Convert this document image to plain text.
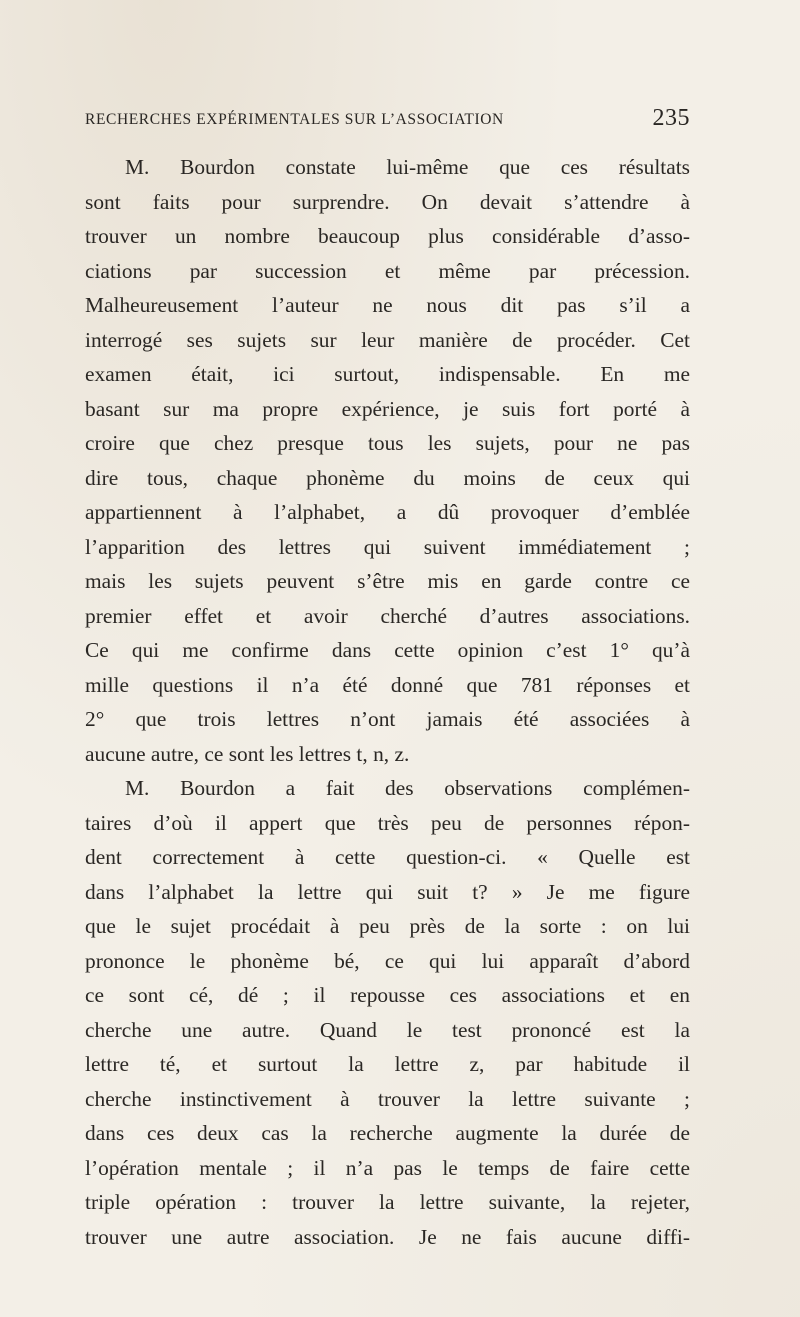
RECHERCHES EXPÉRIMENTALES SUR L’ASSOCIATION	235
M. Bourdon constate lui-même que ces résultats
sont faits pour surprendre. On devait s’attendre à
trouver un nombre beaucoup plus considérable d’asso-
ciations par succession et même par précession.
Malheureusement l’auteur ne nous dit pas s’il a
interrogé ses sujets sur leur manière de procéder. Cet
examen était, ici surtout, indispensable. En me
basant sur ma propre expérience, je suis fort porté à
croire que chez presque tous les sujets, pour ne pas
dire tous, chaque phonème du moins de ceux qui
appartiennent à l’alphabet, a dû provoquer d’emblée
l’apparition des lettres qui suivent immédiatement ;
mais les sujets peuvent s’être mis en garde contre ce
premier effet et avoir cherché d’autres associations.
Ce qui me confirme dans cette opinion c’est 1° qu’à
mille questions il n’a été donné que 781 réponses et
2° que trois lettres n’ont jamais été associées à
aucune autre, ce sont les lettres t, n, z.
M. Bourdon a fait des observations complémen-
taires d’où il appert que très peu de personnes répon-
dent correctement à cette question-ci. « Quelle est
dans l’alphabet la lettre qui suit t? » Je me figure
que le sujet procédait à peu près de la sorte : on lui
prononce le phonème bé, ce qui lui apparaît d’abord
ce sont cé, dé ; il repousse ces associations et en
cherche une autre. Quand le test prononcé est la
lettre té, et surtout la lettre z, par habitude il
cherche instinctivement à trouver la lettre suivante ;
dans ces deux cas la recherche augmente la durée de
l’opération mentale ; il n’a pas le temps de faire cette
triple opération : trouver la lettre suivante, la rejeter,
trouver une autre association. Je ne fais aucune diffi-
